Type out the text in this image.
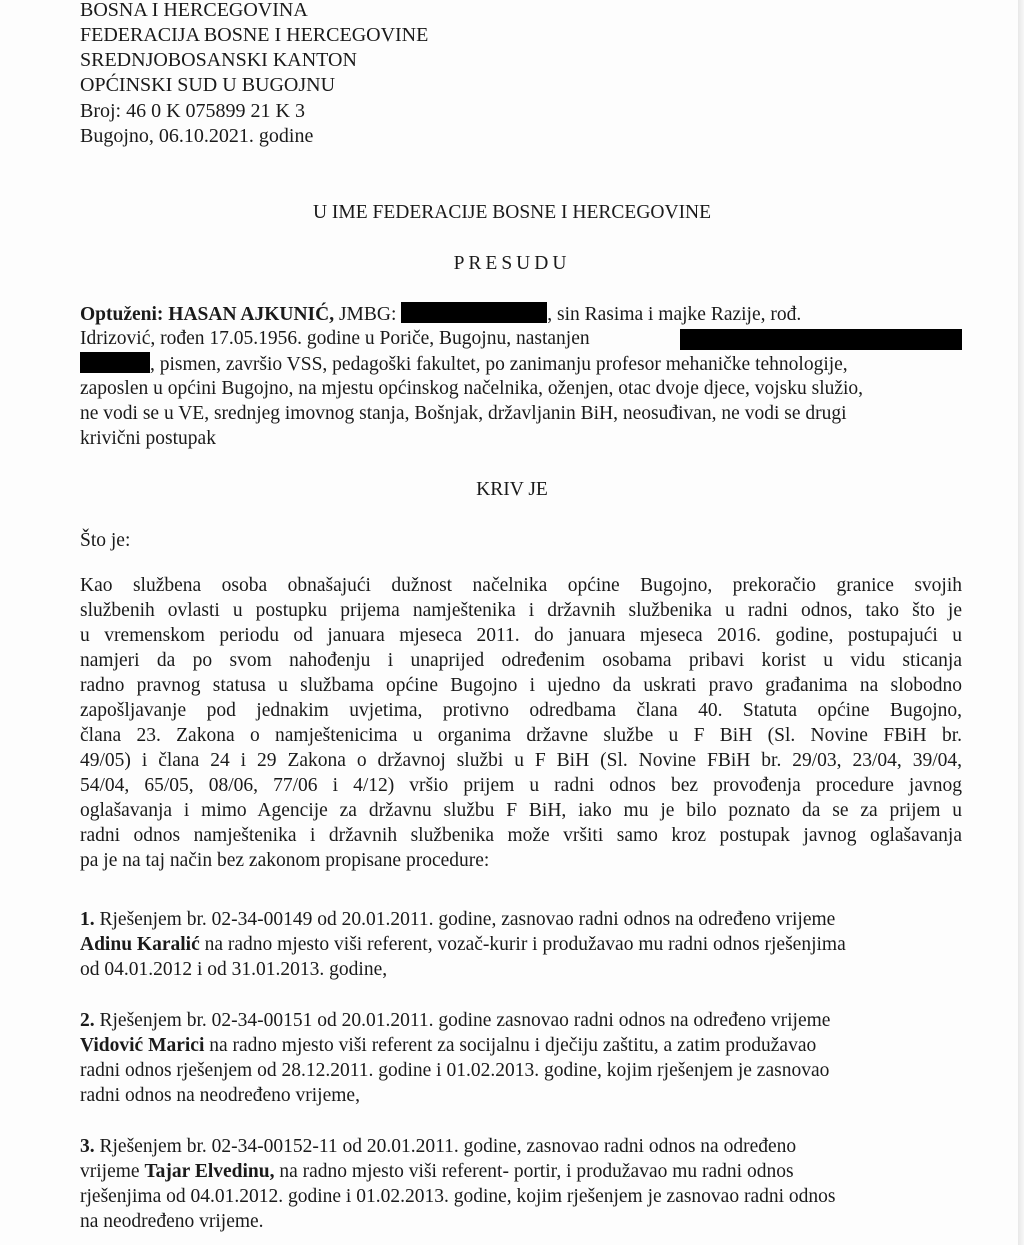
BOSNA I HERCEGOVINA
FEDERACIJA BOSNE I HERCEGOVINE
SREDNJOBOSANSKI KANTON
OPĆINSKI SUD U BUGOJNU
Broj: 46 0 K 075899 21 K 3
Bugojno, 06.10.2021. godine
U IME FEDERACIJE BOSNE I HERCEGOVINE
PRESUDU
Optuženi: HASAN AJKUNIĆ, JMBG:	, sin Rasima i majke Razije, rođ.
Idrizović, rođen 17.05.1956. godine u Poriče, Bugojnu, nastanjen
, pismen, završio VSS, pedagoški fakultet, po zanimanju profesor mehaničke tehnologije,
zaposlen u općini Bugojno, na mjestu općinskog načelnika, oženjen, otac dvoje djece, vojsku služio,
ne vodi se u VE, srednjeg imovnog stanja, Bošnjak, državljanin BiH, neosuđivan, ne vodi se drugi
krivični postupak
KRIV JE
Što je:
Kao službena osoba obnašajući dužnost načelnika općine Bugojno, prekoračio granice svojih
službenih ovlasti u postupku prijema namještenika i državnih službenika u radni odnos, tako što je
u vremenskom periodu od januara mjeseca 2011. do januara mjeseca 2016. godine, postupajući u
namjeri da po svom nahođenju i unaprijed određenim osobama pribavi korist u vidu sticanja
radno pravnog statusa u službama općine Bugojno i ujedno da uskrati pravo građanima na slobodno
zapošljavanje pod jednakim uvjetima, protivno odredbama člana 40. Statuta općine Bugojno,
člana 23. Zakona o namještenicima u organima državne službe u F BiH (Sl. Novine FBiH br.
49/05) i člana 24 i 29 Zakona o državnoj službi u F BiH (Sl. Novine FBiH br. 29/03, 23/04, 39/04,
54/04, 65/05, 08/06, 77/06 i 4/12) vršio prijem u radni odnos bez provođenja procedure javnog
oglašavanja i mimo Agencije za državnu službu F BiH, iako mu je bilo poznato da se za prijem u
radni odnos namještenika i državnih službenika može vršiti samo kroz postupak javnog oglašavanja
pa je na taj način bez zakonom propisane procedure:
1. Rješenjem br. 02-34-00149 od 20.01.2011. godine, zasnovao radni odnos na određeno vrijeme
Adinu Karalić na radno mjesto viši referent, vozač-kurir i produžavao mu radni odnos rješenjima
od 04.01.2012 i od 31.01.2013. godine,
2. Rješenjem br. 02-34-00151 od 20.01.2011. godine zasnovao radni odnos na određeno vrijeme
Vidović Marici na radno mjesto viši referent za socijalnu i dječiju zaštitu, a zatim produžavao
radni odnos rješenjem od 28.12.2011. godine i 01.02.2013. godine, kojim rješenjem je zasnovao
radni odnos na neodređeno vrijeme,
3. Rješenjem br. 02-34-00152-11 od 20.01.2011. godine, zasnovao radni odnos na određeno
vrijeme Tajar Elvedinu, na radno mjesto viši referent- portir, i produžavao mu radni odnos
rješenjima od 04.01.2012. godine i 01.02.2013. godine, kojim rješenjem je zasnovao radni odnos
na neodređeno vrijeme.
